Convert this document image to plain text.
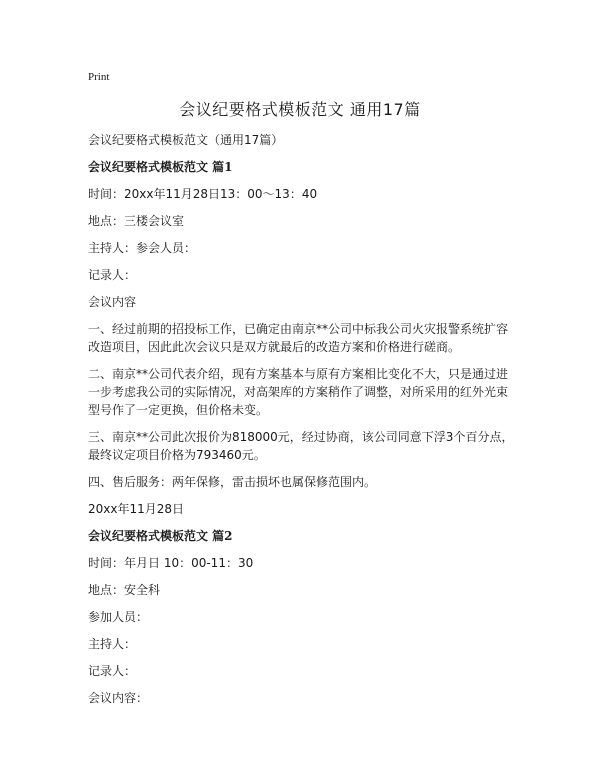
Print
会议纪要格式模板范文 通用17篇

会议纪要格式模板范文（通用17篇）

会议纪要格式模板范文 篇1

时间：20xx年11月28日13：00～13：40

地点：三楼会议室

主持人：参会人员：

记录人：

会议内容

一、经过前期的招投标工作，已确定由南京**公司中标我公司火灾报警系统扩容改造项目，因此此次会议只是双方就最后的改造方案和价格进行磋商。

二、南京**公司代表介绍，现有方案基本与原有方案相比变化不大，只是通过进一步考虑我公司的实际情况，对高架库的方案稍作了调整，对所采用的红外光束型号作了一定更换，但价格未变。

三、南京**公司此次报价为818000元，经过协商，该公司同意下浮3个百分点，最终议定项目价格为793460元。

四、售后服务：两年保修，雷击损坏也属保修范围内。

20xx年11月28日

会议纪要格式模板范文 篇2

时间：年月日 10：00-11：30

地点：安全科

参加人员：

主持人：

记录人：

会议内容：
